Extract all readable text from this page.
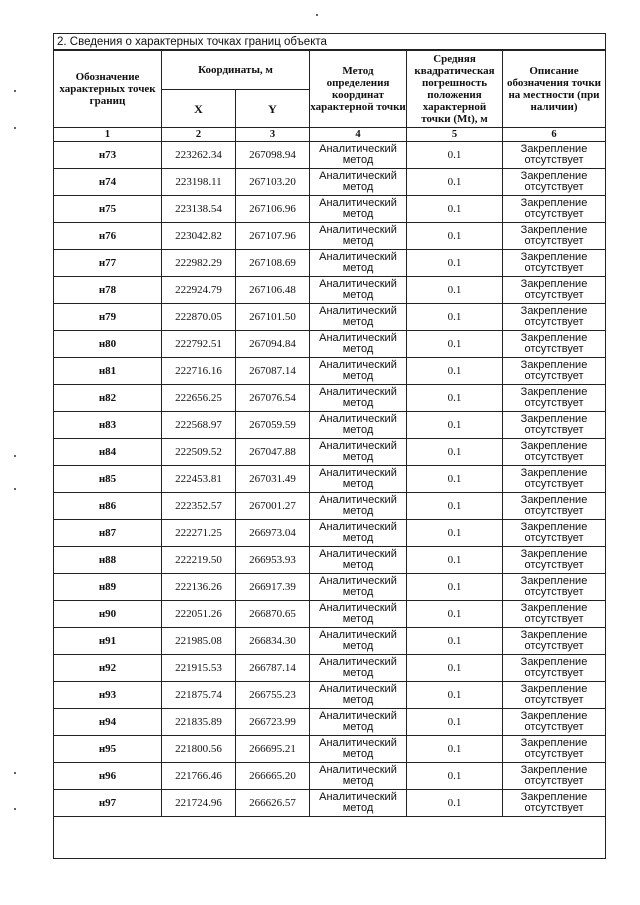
2. Сведения о характерных точках границ объекта
Обозначение характерных точек границ	Координаты, м		Метод определения координат характерной точки	Средняя квадратическая погрешность положения характерной точки (Mt), м	Описание обозначения точки на местности (при наличии)
	X	Y			
1	2	3	4	5	6
н73	223262.34	267098.94	Аналитический метод	0.1	Закрепление отсутствует
н74	223198.11	267103.20	Аналитический метод	0.1	Закрепление отсутствует
н75	223138.54	267106.96	Аналитический метод	0.1	Закрепление отсутствует
н76	223042.82	267107.96	Аналитический метод	0.1	Закрепление отсутствует
н77	222982.29	267108.69	Аналитический метод	0.1	Закрепление отсутствует
н78	222924.79	267106.48	Аналитический метод	0.1	Закрепление отсутствует
н79	222870.05	267101.50	Аналитический метод	0.1	Закрепление отсутствует
н80	222792.51	267094.84	Аналитический метод	0.1	Закрепление отсутствует
н81	222716.16	267087.14	Аналитический метод	0.1	Закрепление отсутствует
н82	222656.25	267076.54	Аналитический метод	0.1	Закрепление отсутствует
н83	222568.97	267059.59	Аналитический метод	0.1	Закрепление отсутствует
н84	222509.52	267047.88	Аналитический метод	0.1	Закрепление отсутствует
н85	222453.81	267031.49	Аналитический метод	0.1	Закрепление отсутствует
н86	222352.57	267001.27	Аналитический метод	0.1	Закрепление отсутствует
н87	222271.25	266973.04	Аналитический метод	0.1	Закрепление отсутствует
н88	222219.50	266953.93	Аналитический метод	0.1	Закрепление отсутствует
н89	222136.26	266917.39	Аналитический метод	0.1	Закрепление отсутствует
н90	222051.26	266870.65	Аналитический метод	0.1	Закрепление отсутствует
н91	221985.08	266834.30	Аналитический метод	0.1	Закрепление отсутствует
н92	221915.53	266787.14	Аналитический метод	0.1	Закрепление отсутствует
н93	221875.74	266755.23	Аналитический метод	0.1	Закрепление отсутствует
н94	221835.89	266723.99	Аналитический метод	0.1	Закрепление отсутствует
н95	221800.56	266695.21	Аналитический метод	0.1	Закрепление отсутствует
н96	221766.46	266665.20	Аналитический метод	0.1	Закрепление отсутствует
н97	221724.96	266626.57	Аналитический метод	0.1	Закрепление отсутствует
